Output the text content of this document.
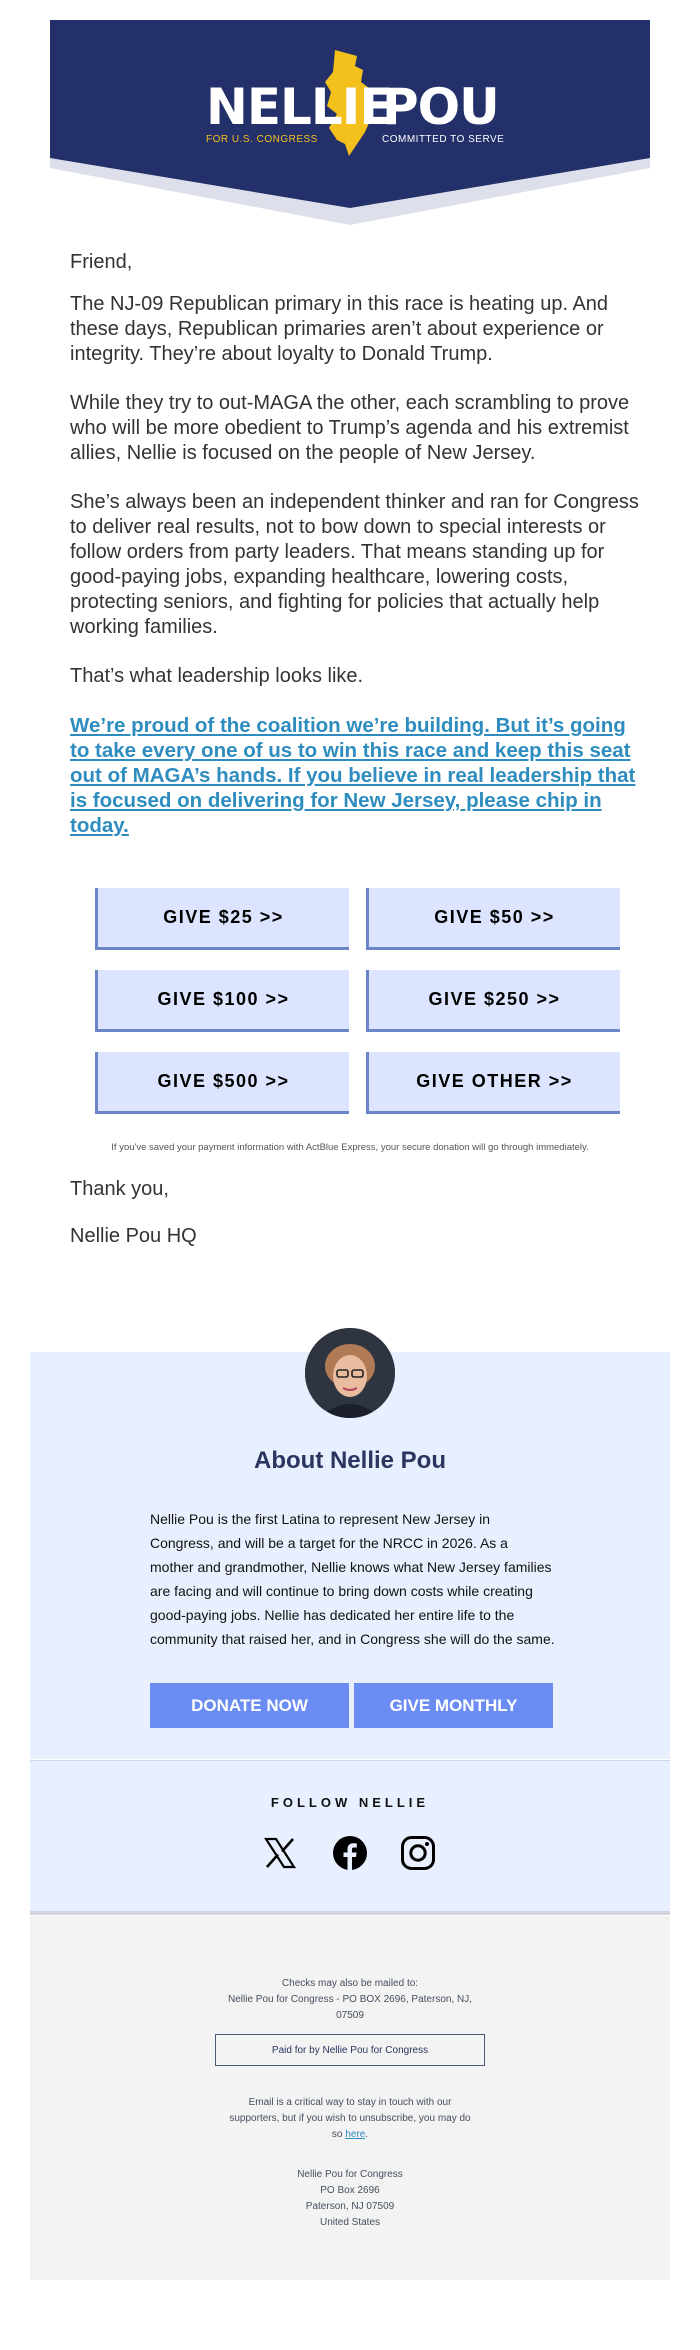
NELLIE
FOR U.S. CONGRESS
POU
COMMITTED TO SERVE

Friend,

The NJ-09 Republican primary in this race is heating up. And these days, Republican primaries aren’t about experience or integrity. They’re about loyalty to Donald Trump.

While they try to out-MAGA the other, each scrambling to prove who will be more obedient to Trump’s agenda and his extremist allies, Nellie is focused on the people of New Jersey.

She’s always been an independent thinker and ran for Congress to deliver real results, not to bow down to special interests or follow orders from party leaders. That means standing up for good-paying jobs, expanding healthcare, lowering costs, protecting seniors, and fighting for policies that actually help working families.

That’s what leadership looks like.

We’re proud of the coalition we’re building. But it’s going to take every one of us to win this race and keep this seat out of MAGA’s hands. If you believe in real leadership that is focused on delivering for New Jersey, please chip in today.
GIVE $25 >>	GIVE $50 >>
GIVE $100 >>	GIVE $250 >>
GIVE $500 >>	GIVE OTHER >>
If you've saved your payment information with ActBlue Express, your secure donation will go through immediately.
Thank you,
Nellie Pou HQ
About Nellie Pou
Nellie Pou is the first Latina to represent New Jersey in Congress, and will be a target for the NRCC in 2026. As a mother and grandmother, Nellie knows what New Jersey families are facing and will continue to bring down costs while creating good-paying jobs. Nellie has dedicated her entire life to the community that raised her, and in Congress she will do the same.
DONATE NOW	GIVE MONTHLY
FOLLOW NELLIE
Checks may also be mailed to:
Nellie Pou for Congress - PO BOX 2696, Paterson, NJ,
07509
Paid for by Nellie Pou for Congress
Email is a critical way to stay in touch with our
supporters, but if you wish to unsubscribe, you may do
so here.
Nellie Pou for Congress
PO Box 2696
Paterson, NJ 07509
United States
